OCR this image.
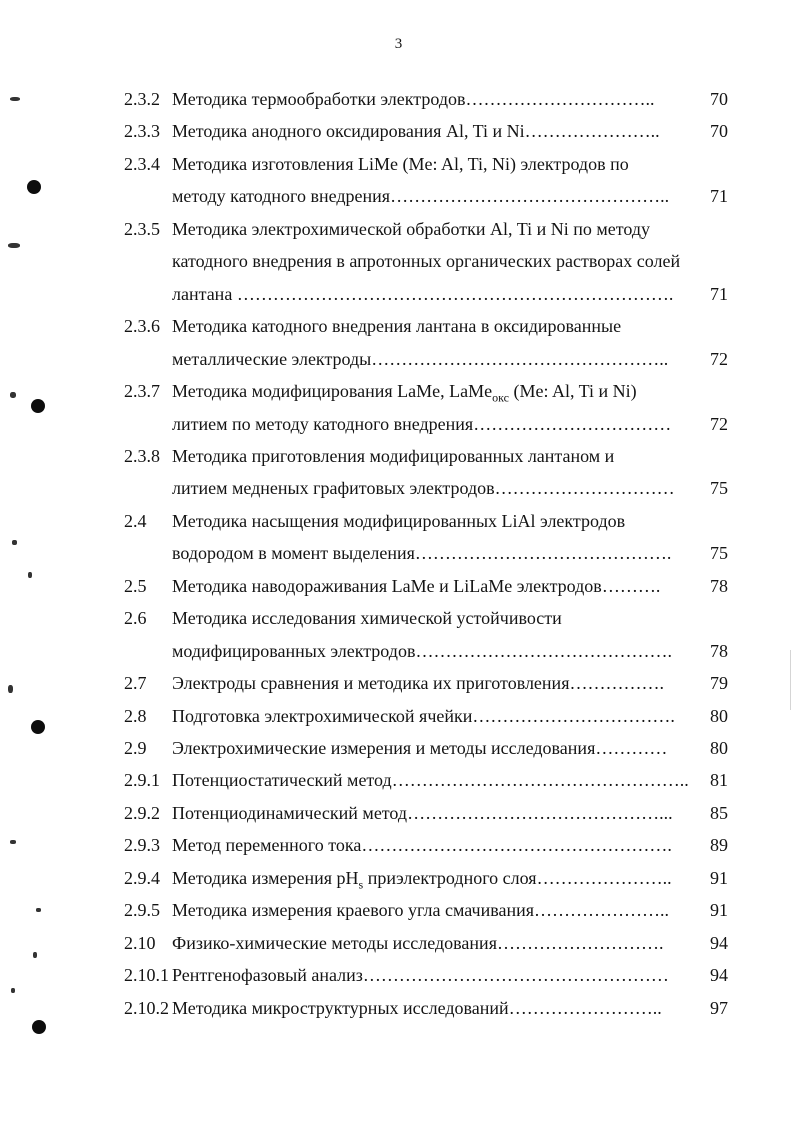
3
2.3.2 Методика термообработки электродов…………………………..	70
2.3.3 Методика анодного оксидирования Al, Ti и Ni…………………..	70
2.3.4 Методика изготовления LiMe (Me: Al, Ti, Ni) электродов по
методу катодного внедрения………………………………………..	71
2.3.5 Методика электрохимической обработки Al, Ti и Ni по методу
катодного внедрения в апротонных органических растворах солей
лантана ……………………………………………………………….	71
2.3.6 Методика катодного внедрения лантана в оксидированные
металлические электроды…………………………………………..	72
2.3.7 Методика модифицирования LaMe, LaMe$_{окс}$ (Me: Al, Ti и Ni)
литием по методу катодного внедрения……………………………	72
2.3.8 Методика приготовления модифицированных лантаном и
литием медненых графитовых электродов…………………………	75
2.4 Методика насыщения модифицированных LiAl электродов
водородом в момент выделения…………………………………….	75
2.5 Методика наводораживания LaMe и LiLaMe электродов……….	78
2.6 Методика исследования химической устойчивости
модифицированных электродов…………………………………….	78
2.7 Электроды сравнения и методика их приготовления…………….	79
2.8 Подготовка электрохимической ячейки…………………………….	80
2.9 Электрохимические измерения и методы исследования…………	80
2.9.1 Потенциостатический метод…………………………………………..	81
2.9.2 Потенциодинамический метод……………………………………...	85
2.9.3 Метод переменного тока…………………………………………….	89
2.9.4 Методика измерения $pH_s$ приэлектродного слоя…………………..	91
2.9.5 Методика измерения краевого угла смачивания…………………..	91
2.10 Физико-химические методы исследования……………………….	94
2.10.1 Рентгенофазовый анализ……………………………………………	94
2.10.2 Методика микроструктурных исследований……………………..	97
